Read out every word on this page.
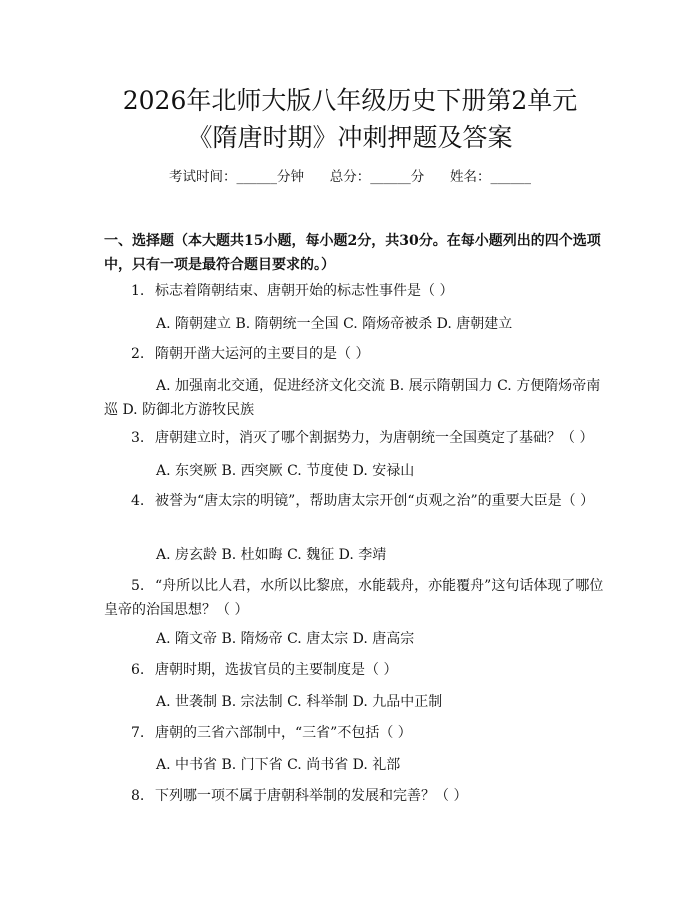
2026年北师大版八年级历史下册第2单元
《隋唐时期》冲刺押题及答案
考试时间：______分钟 总分：______分 姓名：______
一、选择题（本大题共15小题，每小题2分，共30分。在每小题列出的四个选项中，只有一项是最符合题目要求的。）
1. 标志着隋朝结束、唐朝开始的标志性事件是（ ）
A. 隋朝建立 B. 隋朝统一全国 C. 隋炀帝被杀 D. 唐朝建立
2. 隋朝开凿大运河的主要目的是（ ）
A. 加强南北交通，促进经济文化交流 B. 展示隋朝国力 C. 方便隋炀帝南巡 D. 防御北方游牧民族
3. 唐朝建立时，消灭了哪个割据势力，为唐朝统一全国奠定了基础？（ ）
A. 东突厥 B. 西突厥 C. 节度使 D. 安禄山
4. 被誉为“唐太宗的明镜”，帮助唐太宗开创“贞观之治”的重要大臣是（ ）
A. 房玄龄 B. 杜如晦 C. 魏征 D. 李靖
5. “舟所以比人君，水所以比黎庶，水能载舟，亦能覆舟”这句话体现了哪位皇帝的治国思想？（ ）
A. 隋文帝 B. 隋炀帝 C. 唐太宗 D. 唐高宗
6. 唐朝时期，选拔官员的主要制度是（ ）
A. 世袭制 B. 宗法制 C. 科举制 D. 九品中正制
7. 唐朝的三省六部制中，“三省”不包括（ ）
A. 中书省 B. 门下省 C. 尚书省 D. 礼部
8. 下列哪一项不属于唐朝科举制的发展和完善？（ ）
